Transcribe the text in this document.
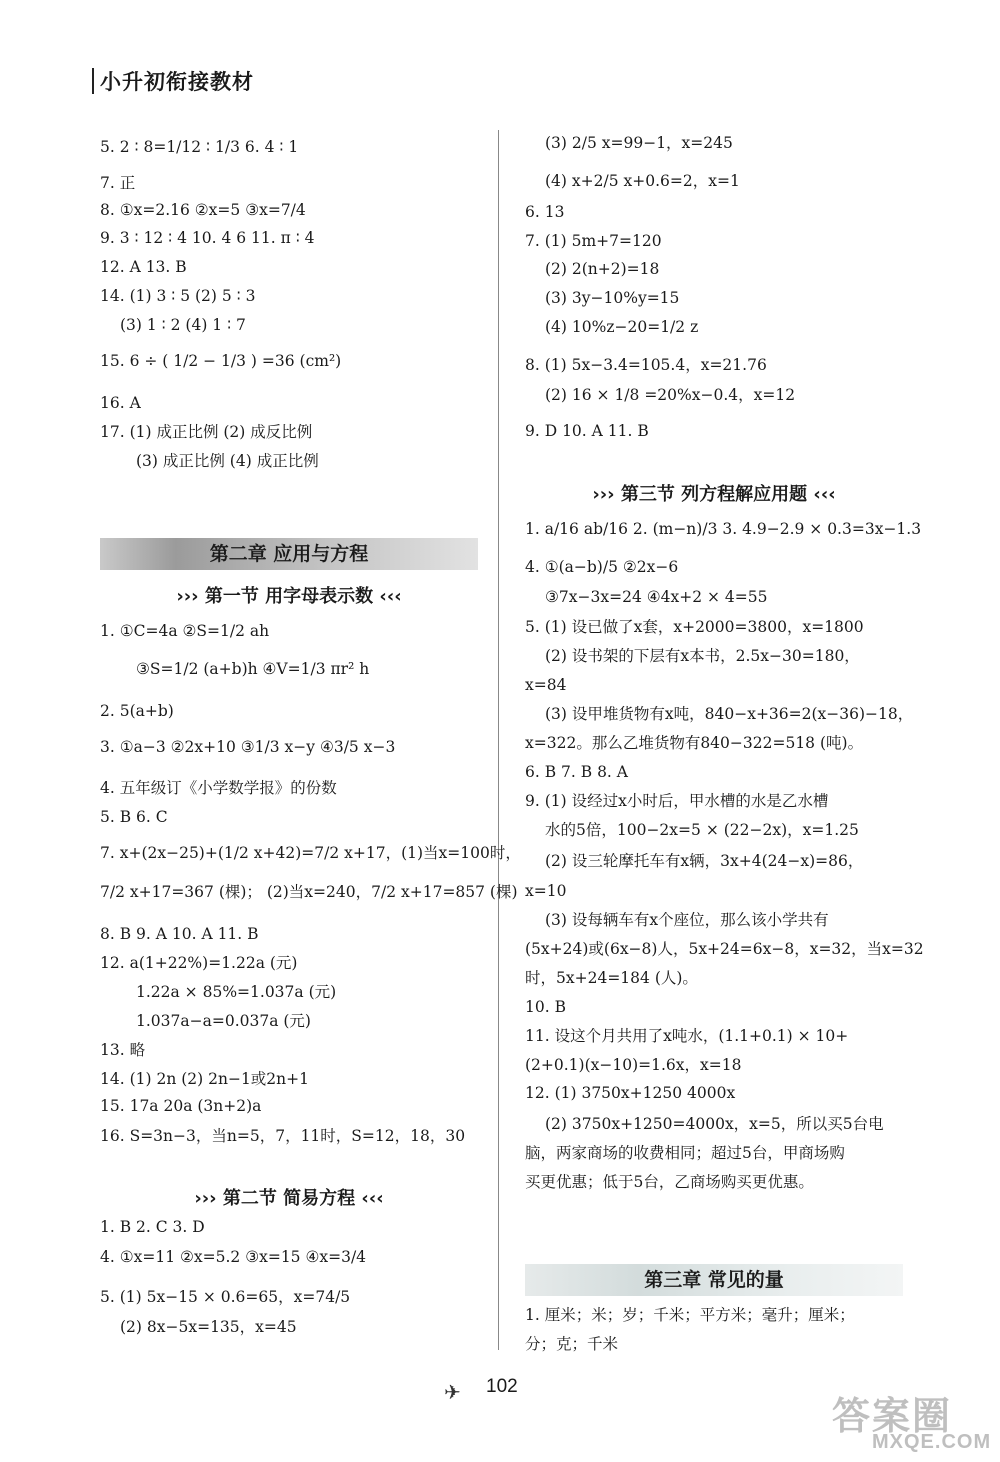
小升初衔接教材
5. 2 ∶ 8=1/12 ∶ 1/3 6. 4 ∶ 1
7. 正
8. ①x=2.16 ②x=5 ③x=7/4
9. 3 ∶ 12 ∶ 4 10. 4 6 11. π ∶ 4
12. A 13. B
14. (1) 3 ∶ 5 (2) 5 ∶ 3
(3) 1 ∶ 2 (4) 1 ∶ 7
15. 6 ÷ ( 1/2 − 1/3 ) =36 (cm²)
16. A
17. (1) 成正比例 (2) 成反比例
(3) 成正比例 (4) 成正比例
第二章 应用与方程
››› 第一节 用字母表示数 ‹‹‹
1. ①C=4a ②S=1/2 ah
③S=1/2 (a+b)h ④V=1/3 πr² h
2. 5(a+b)
3. ①a−3 ②2x+10 ③1/3 x−y ④3/5 x−3
4. 五年级订《小学数学报》的份数
5. B 6. C
7. x+(2x−25)+(1/2 x+42)=7/2 x+17，(1)当x=100时，
7/2 x+17=367 (棵)； (2)当x=240，7/2 x+17=857 (棵)
8. B 9. A 10. A 11. B
12. a(1+22%)=1.22a (元)
1.22a × 85%=1.037a (元)
1.037a−a=0.037a (元)
13. 略
14. (1) 2n (2) 2n−1或2n+1
15. 17a 20a (3n+2)a
16. S=3n−3，当n=5，7，11时，S=12，18，30
››› 第二节 简易方程 ‹‹‹
1. B 2. C 3. D
4. ①x=11 ②x=5.2 ③x=15 ④x=3/4
5. (1) 5x−15 × 0.6=65，x=74/5
(2) 8x−5x=135，x=45
(3) 2/5 x=99−1，x=245
(4) x+2/5 x+0.6=2，x=1
6. 13
7. (1) 5m+7=120
(2) 2(n+2)=18
(3) 3y−10%y=15
(4) 10%z−20=1/2 z
8. (1) 5x−3.4=105.4，x=21.76
(2) 16 × 1/8 =20%x−0.4，x=12
9. D 10. A 11. B
››› 第三节 列方程解应用题 ‹‹‹
1. a/16 ab/16 2. (m−n)/3 3. 4.9−2.9 × 0.3=3x−1.3
4. ①(a−b)/5 ②2x−6
③7x−3x=24 ④4x+2 × 4=55
5. (1) 设已做了x套，x+2000=3800，x=1800
(2) 设书架的下层有x本书，2.5x−30=180，
x=84
(3) 设甲堆货物有x吨，840−x+36=2(x−36)−18，
x=322。那么乙堆货物有840−322=518 (吨)。
6. B 7. B 8. A
9. (1) 设经过x小时后，甲水槽的水是乙水槽
水的5倍，100−2x=5 × (22−2x)，x=1.25
(2) 设三轮摩托车有x辆，3x+4(24−x)=86，
x=10
(3) 设每辆车有x个座位，那么该小学共有
(5x+24)或(6x−8)人，5x+24=6x−8，x=32，当x=32
时，5x+24=184 (人)。
10. B
11. 设这个月共用了x吨水，(1.1+0.1) × 10+
(2+0.1)(x−10)=1.6x，x=18
12. (1) 3750x+1250 4000x
(2) 3750x+1250=4000x，x=5，所以买5台电
脑，两家商场的收费相同；超过5台，甲商场购
买更优惠；低于5台，乙商场购买更优惠。
第三章 常见的量
1. 厘米；米；岁；千米；平方米；毫升；厘米；
分；克；千米
✈ 102
答案圈
MXQE.COM
